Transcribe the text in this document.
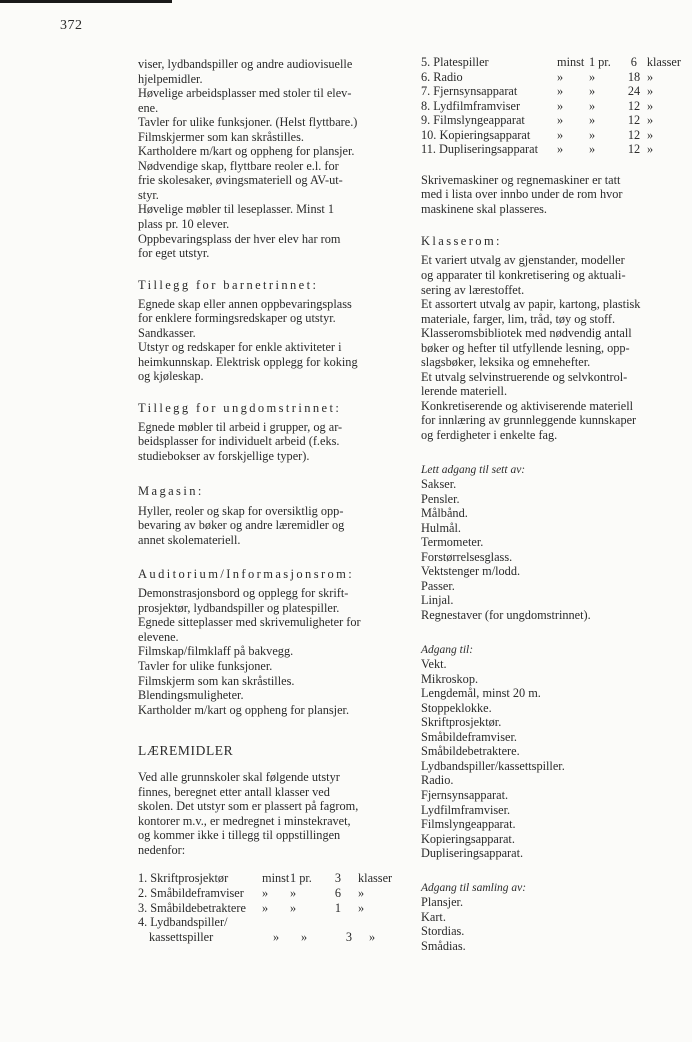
372
viser, lydbandspiller og andre audiovisuelle
hjelpemidler.
Høvelige arbeidsplasser med stoler til elev-
ene.
Tavler for ulike funksjoner. (Helst flyttbare.)
Filmskjermer som kan skråstilles.
Kartholdere m/kart og oppheng for plansjer.
Nødvendige skap, flyttbare reoler e.l. for
frie skolesaker, øvingsmateriell og AV-ut-
styr.
Høvelige møbler til leseplasser. Minst 1
plass pr. 10 elever.
Oppbevaringsplass der hver elev har rom
for eget utstyr.
Tillegg for barnetrinnet:
Egnede skap eller annen oppbevaringsplass
for enklere formingsredskaper og utstyr.
Sandkasser.
Utstyr og redskaper for enkle aktiviteter i
heimkunnskap. Elektrisk opplegg for koking
og kjøleskap.
Tillegg for ungdomstrinnet:
Egnede møbler til arbeid i grupper, og ar-
beidsplasser for individuelt arbeid (f.eks.
studiebokser av forskjellige typer).
Magasin:
Hyller, reoler og skap for oversiktlig opp-
bevaring av bøker og andre læremidler og
annet skolemateriell.
Auditorium/Informasjonsrom:
Demonstrasjonsbord og opplegg for skrift-
prosjektør, lydbandspiller og platespiller.
Egnede sitteplasser med skrivemuligheter for
elevene.
Filmskap/filmklaff på bakvegg.
Tavler for ulike funksjoner.
Filmskjerm som kan skråstilles.
Blendingsmuligheter.
Kartholder m/kart og oppheng for plansjer.
LÆREMIDLER
Ved alle grunnskoler skal følgende utstyr
finnes, beregnet etter antall klasser ved
skolen. Det utstyr som er plassert på fagrom,
kontorer m.v., er medregnet i minstekravet,
og kommer ikke i tillegg til oppstillingen
nedenfor:
1. Skriftprosjektør	minst 1 pr.	3	klasser
2. Småbildeframviser	»	»	6	»
3. Småbildebetraktere	»	»	1	»
4. Lydbandspiller/
kassettspiller	»	»	3	»
5. Platespiller	minst 1 pr.	6 klasser
6. Radio	»	»	18 »
7. Fjernsynsapparat	»	»	24 »
8. Lydfilmframviser	»	»	12 »
9. Filmslyngeapparat	»	»	12 »
10. Kopieringsapparat	»	»	12 »
11. Dupliseringsapparat	»	»	12 »
Skrivemaskiner og regnemaskiner er tatt
med i lista over innbo under de rom hvor
maskinene skal plasseres.
Klasserom:
Et variert utvalg av gjenstander, modeller
og apparater til konkretisering og aktuali-
sering av lærestoffet.
Et assortert utvalg av papir, kartong, plastisk
materiale, farger, lim, tråd, tøy og stoff.
Klasseromsbibliotek med nødvendig antall
bøker og hefter til utfyllende lesning, opp-
slagsbøker, leksika og emnehefter.
Et utvalg selvinstruerende og selvkontrol-
lerende materiell.
Konkretiserende og aktiviserende materiell
for innlæring av grunnleggende kunnskaper
og ferdigheter i enkelte fag.
Lett adgang til sett av:
Sakser.
Pensler.
Målbånd.
Hulmål.
Termometer.
Forstørrelsesglass.
Vektstenger m/lodd.
Passer.
Linjal.
Regnestaver (for ungdomstrinnet).
Adgang til:
Vekt.
Mikroskop.
Lengdemål, minst 20 m.
Stoppeklokke.
Skriftprosjektør.
Småbildeframviser.
Småbildebetraktere.
Lydbandspiller/kassettspiller.
Radio.
Fjernsynsapparat.
Lydfilmframviser.
Filmslyngeapparat.
Kopieringsapparat.
Dupliseringsapparat.
Adgang til samling av:
Plansjer.
Kart.
Stordias.
Smådias.
